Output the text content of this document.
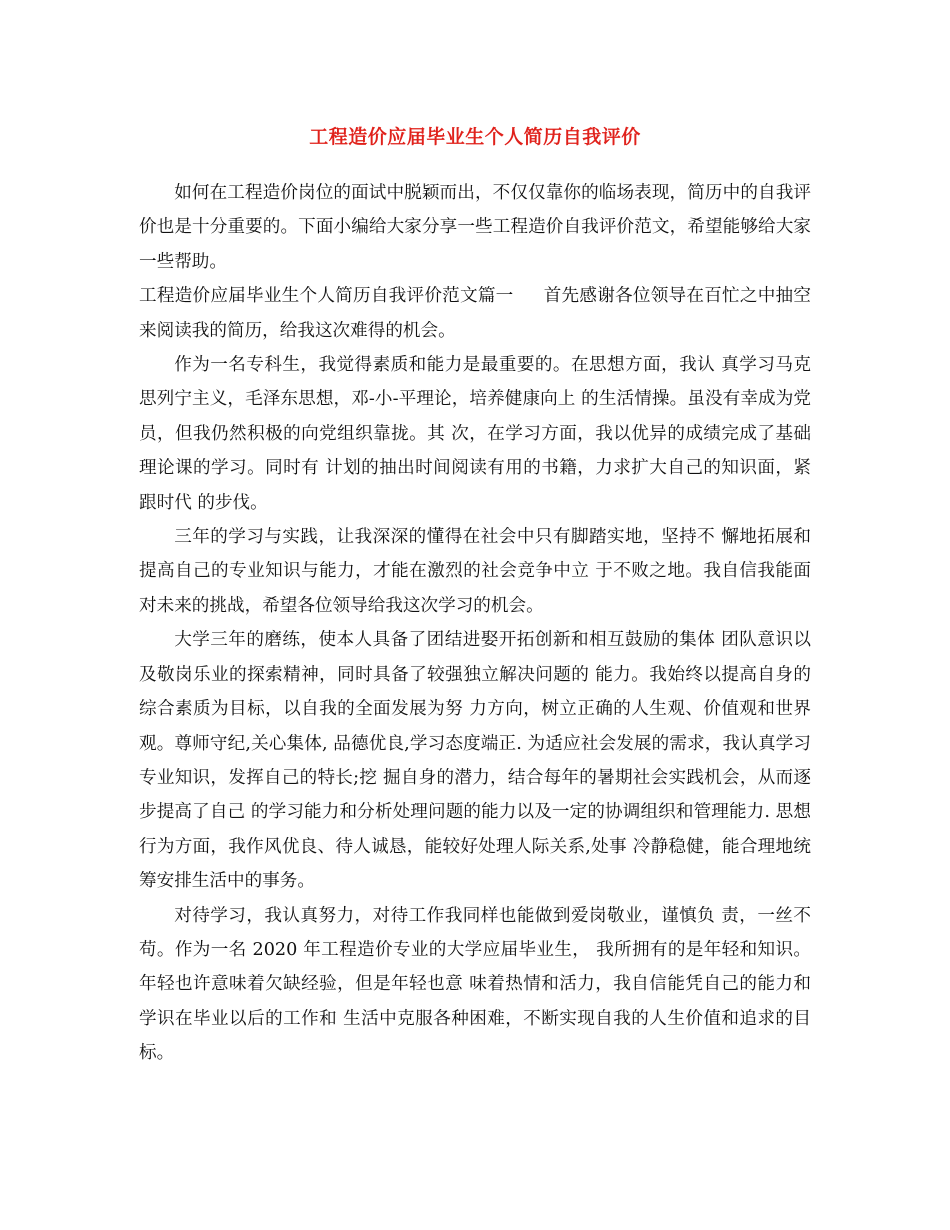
工程造价应届毕业生个人简历自我评价

如何在工程造价岗位的面试中脱颖而出，不仅仅靠你的临场表现，简历中的自我评价也是十分重要的。下面小编给大家分享一些工程造价自我评价范文，希望能够给大家一些帮助。

工程造价应届毕业生个人简历自我评价范文篇一 首先感谢各位领导在百忙之中抽空来阅读我的简历，给我这次难得的机会。

作为一名专科生，我觉得素质和能力是最重要的。在思想方面，我认 真学习马克思列宁主义，毛泽东思想，邓-小-平理论，培养健康向上 的生活情操。虽没有幸成为党员，但我仍然积极的向党组织靠拢。其 次，在学习方面，我以优异的成绩完成了基础理论课的学习。同时有 计划的抽出时间阅读有用的书籍，力求扩大自己的知识面，紧跟时代 的步伐。

三年的学习与实践，让我深深的懂得在社会中只有脚踏实地，坚持不 懈地拓展和提高自己的专业知识与能力，才能在激烈的社会竞争中立 于不败之地。我自信我能面对未来的挑战，希望各位领导给我这次学习的机会。

大学三年的磨练，使本人具备了团结进娶开拓创新和相互鼓励的集体 团队意识以及敬岗乐业的探索精神，同时具备了较强独立解决问题的 能力。我始终以提高自身的综合素质为目标，以自我的全面发展为努 力方向，树立正确的人生观、价值观和世界观。尊师守纪,关心集体, 品德优良,学习态度端正. 为适应社会发展的需求，我认真学习专业知识，发挥自己的特长;挖 掘自身的潜力，结合每年的暑期社会实践机会，从而逐步提高了自己 的学习能力和分析处理问题的能力以及一定的协调组织和管理能力. 思想行为方面，我作风优良、待人诚恳，能较好处理人际关系,处事 冷静稳健，能合理地统筹安排生活中的事务。

对待学习，我认真努力，对待工作我同样也能做到爱岗敬业，谨慎负 责，一丝不苟。作为一名 2020 年工程造价专业的大学应届毕业生， 我所拥有的是年轻和知识。年轻也许意味着欠缺经验，但是年轻也意 味着热情和活力，我自信能凭自己的能力和学识在毕业以后的工作和 生活中克服各种困难，不断实现自我的人生价值和追求的目标。
